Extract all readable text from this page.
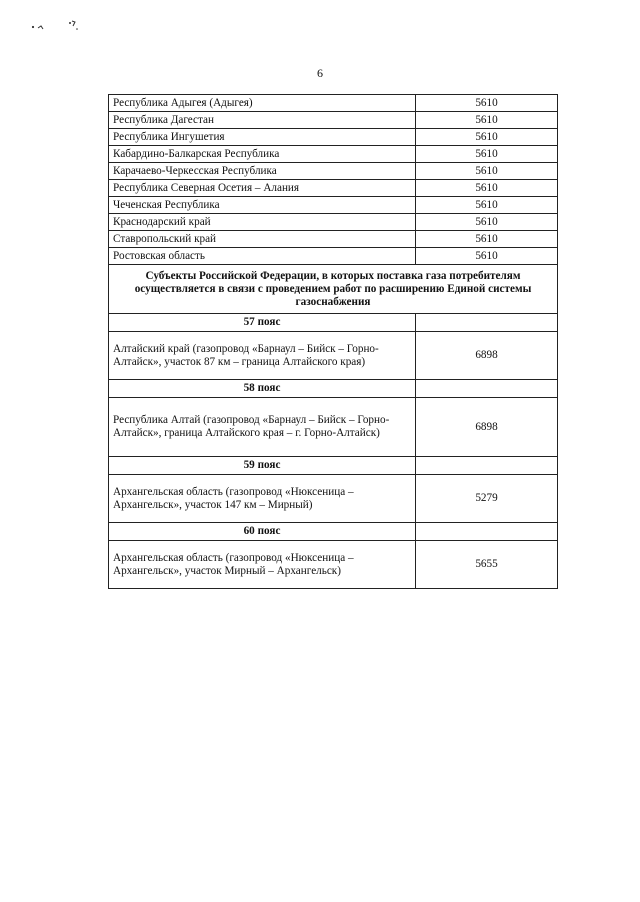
6
Республика Адыгея (Адыгея)	5610
Республика Дагестан	5610
Республика Ингушетия	5610
Кабардино-Балкарская Республика	5610
Карачаево-Черкесская Республика	5610
Республика Северная Осетия – Алания	5610
Чеченская Республика	5610
Краснодарский край	5610
Ставропольский край	5610
Ростовская область	5610
Субъекты Российской Федерации, в которых поставка газа потребителям осуществляется в связи с проведением работ по расширению Единой системы газоснабжения	
57 пояс	
Алтайский край (газопровод «Барнаул – Бийск – Горно-Алтайск», участок 87 км – граница Алтайского края)	6898
58 пояс	
Республика Алтай (газопровод «Барнаул – Бийск – Горно-Алтайск», граница Алтайского края – г. Горно-Алтайск)	6898
59 пояс	
Архангельская область (газопровод «Нюксеница – Архангельск», участок 147 км – Мирный)	5279
60 пояс	
Архангельская область (газопровод «Нюксеница – Архангельск», участок Мирный – Архангельск)	5655
